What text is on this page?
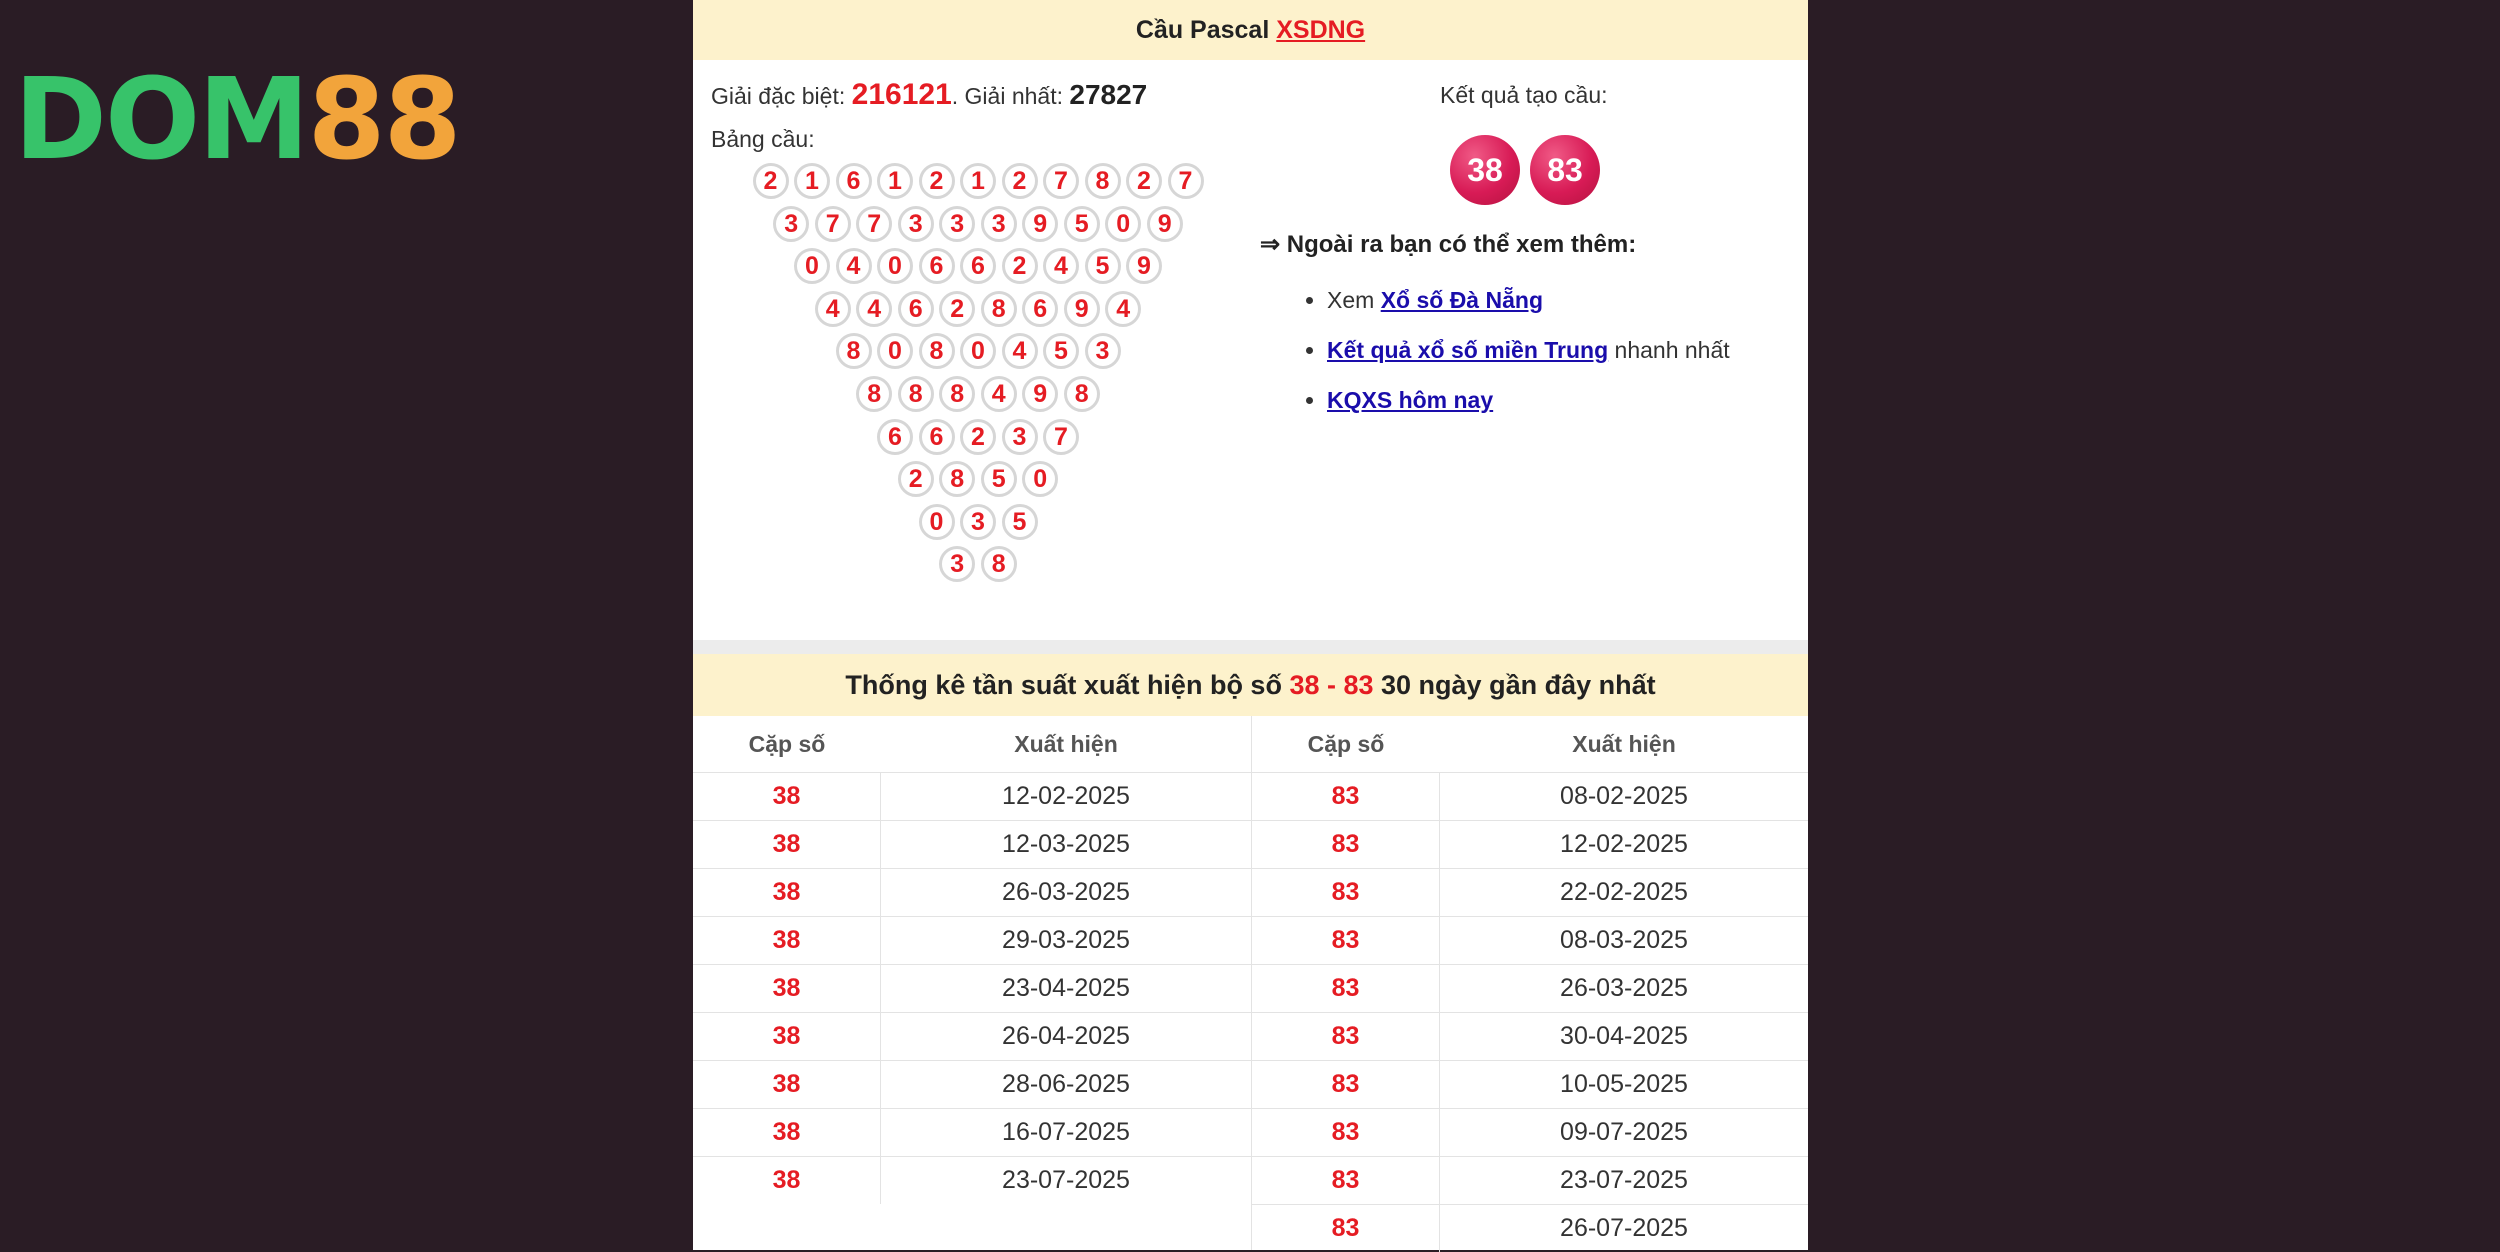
DOM88
Cầu Pascal XSDNG
Giải đặc biệt: 216121. Giải nhất: 27827
Bảng cầu:
2	1	6	1	2	1	2	7	8	2	7
3	7	7	3	3	3	9	5	0	9
0	4	0	6	6	2	4	5	9
4	4	6	2	8	6	9	4
8	0	8	0	4	5	3
8	8	8	4	9	8
6	6	2	3	7
2	8	5	0
0	3	5
3	8
Kết quả tạo cầu:
38	83
⇒ Ngoài ra bạn có thể xem thêm:
• Xem Xổ số Đà Nẵng
• Kết quả xổ số miền Trung nhanh nhất
• KQXS hôm nay
Thống kê tần suất xuất hiện bộ số 38 - 83 30 ngày gần đây nhất
Cặp số	Xuất hiện	Cặp số	Xuất hiện
38	12-02-2025
38	12-03-2025
38	26-03-2025
38	29-03-2025
38	23-04-2025
38	26-04-2025
38	28-06-2025
38	16-07-2025
38	23-07-2025
83	08-02-2025
83	12-02-2025
83	22-02-2025
83	08-03-2025
83	26-03-2025
83	30-04-2025
83	10-05-2025
83	09-07-2025
83	23-07-2025
83	26-07-2025
